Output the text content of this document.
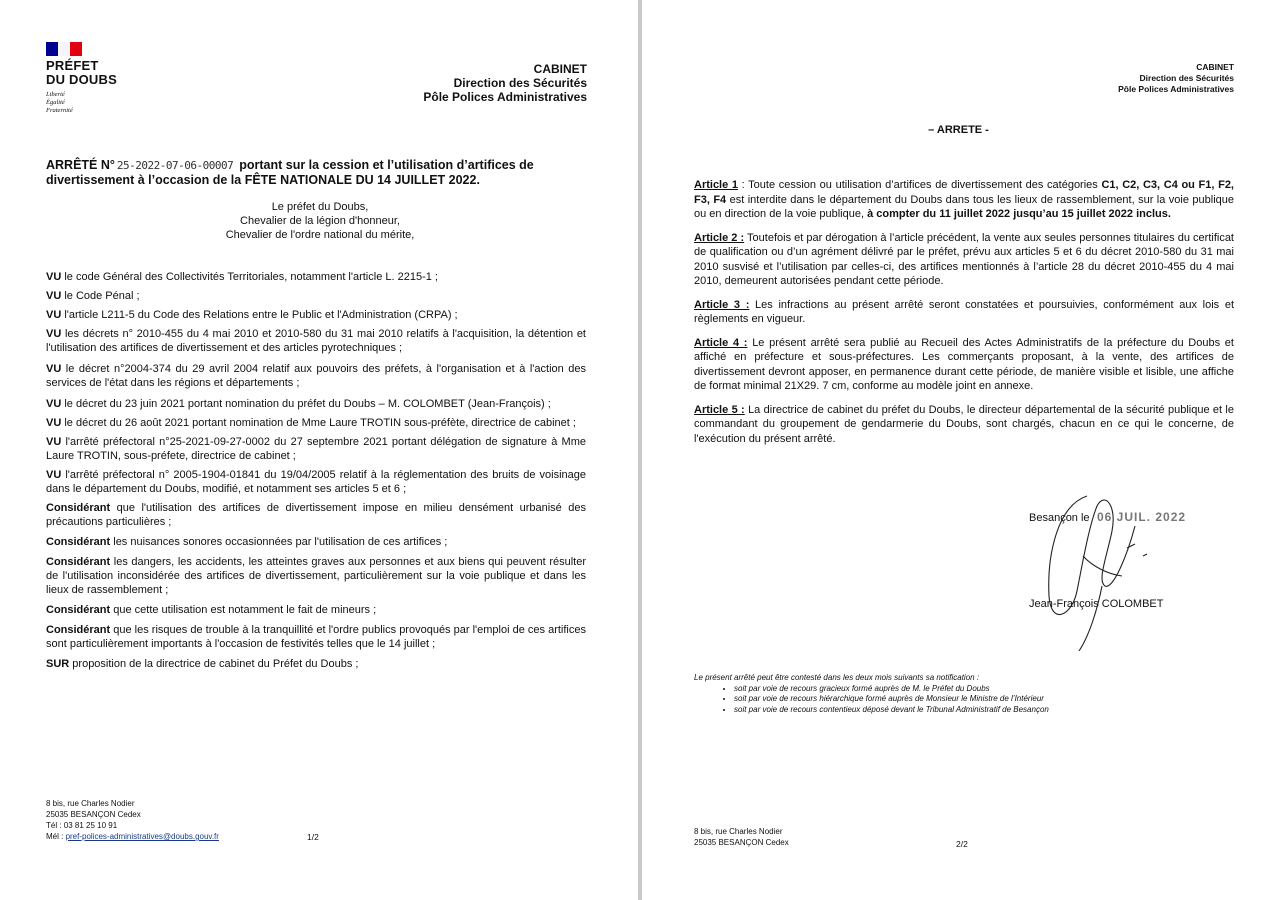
PRÉFET
DU DOUBS
Liberté
Égalité
Fraternité
CABINET
Direction des Sécurités
Pôle Polices Administratives
ARRÊTÉ N° 25-2022-07-06-00007 portant sur la cession et l’utilisation d’artifices de divertissement à l’occasion de la FÊTE NATIONALE DU 14 JUILLET 2022.
Le préfet du Doubs,
Chevalier de la légion d'honneur,
Chevalier de l'ordre national du mérite,

VU le code Général des Collectivités Territoriales, notamment l'article L. 2215-1 ;

VU le Code Pénal ;

VU l'article L211-5 du Code des Relations entre le Public et l'Administration (CRPA) ;

VU les décrets n° 2010-455 du 4 mai 2010 et 2010-580 du 31 mai 2010 relatifs à l'acquisition, la détention et l'utilisation des artifices de divertissement et des articles pyrotechniques ;

VU le décret n°2004-374 du 29 avril 2004 relatif aux pouvoirs des préfets, à l'organisation et à l'action des services de l'état dans les régions et départements ;

VU le décret du 23 juin 2021 portant nomination du préfet du Doubs – M. COLOMBET (Jean-François) ;

VU le décret du 26 août 2021 portant nomination de Mme Laure TROTIN sous-préfète, directrice de cabinet ;

VU l'arrêté préfectoral n°25-2021-09-27-0002 du 27 septembre 2021 portant délégation de signature à Mme Laure TROTIN, sous-préfete, directrice de cabinet ;

VU l'arrêté préfectoral n° 2005-1904-01841 du 19/04/2005 relatif à la réglementation des bruits de voisinage dans le département du Doubs, modifié, et notamment ses articles 5 et 6 ;

Considérant que l'utilisation des artifices de divertissement impose en milieu densément urbanisé des précautions particulières ;

Considérant les nuisances sonores occasionnées par l'utilisation de ces artifices ;

Considérant les dangers, les accidents, les atteintes graves aux personnes et aux biens qui peuvent résulter de l'utilisation inconsidérée des artifices de divertissement, particulièrement sur la voie publique et dans les lieux de rassemblement ;

Considérant que cette utilisation est notamment le fait de mineurs ;

Considérant que les risques de trouble à la tranquillité et l'ordre publics provoqués par l'emploi de ces artifices sont particulièrement importants à l'occasion de festivités telles que le 14 juillet ;

SUR proposition de la directrice de cabinet du Préfet du Doubs ;

8 bis, rue Charles Nodier
25035 BESANÇON Cedex
Tél : 03 81 25 10 91
Mél : pref-polices-administratives@doubs.gouv.fr	1/2
CABINET
Direction des Sécurités
Pôle Polices Administratives
– ARRETE -

Article 1 : Toute cession ou utilisation d’artifices de divertissement des catégories C1, C2, C3, C4 ou F1, F2, F3, F4 est interdite dans le département du Doubs dans tous les lieux de rassemblement, sur la voie publique ou en direction de la voie publique, à compter du 11 juillet 2022 jusqu’au 15 juillet 2022 inclus.

Article 2 : Toutefois et par dérogation à l’article précédent, la vente aux seules personnes titulaires du certificat de qualification ou d’un agrément délivré par le préfet, prévu aux articles 5 et 6 du décret 2010-580 du 31 mai 2010 susvisé et l’utilisation par celles-ci, des artifices mentionnés à l’article 28 du décret 2010-455 du 4 mai 2010, demeurent autorisées pendant cette période.

Article 3 : Les infractions au présent arrêté seront constatées et poursuivies, conformément aux lois et règlements en vigueur.

Article 4 : Le présent arrêté sera publié au Recueil des Actes Administratifs de la préfecture du Doubs et affiché en préfecture et sous-préfectures. Les commerçants proposant, à la vente, des artifices de divertissement devront apposer, en permanence durant cette période, de manière visible et lisible, une affiche de format minimal 21X29. 7 cm, conforme au modèle joint en annexe.

Article 5 : La directrice de cabinet du préfet du Doubs, le directeur départemental de la sécurité publique et le commandant du groupement de gendarmerie du Doubs, sont chargés, chacun en ce qui le concerne, de l'exécution du présent arrêté.

Besançon le 06 JUIL. 2022
Jean-François COLOMBET
Le présent arrêté peut être contesté dans les deux mois suivants sa notification :
• soit par voie de recours gracieux formé auprès de M. le Préfet du Doubs
• soit par voie de recours hiérarchique formé auprès de Monsieur le Ministre de l’Intérieur
• soit par voie de recours contentieux déposé devant le Tribunal Administratif de Besançon
8 bis, rue Charles Nodier
25035 BESANÇON Cedex	2/2
